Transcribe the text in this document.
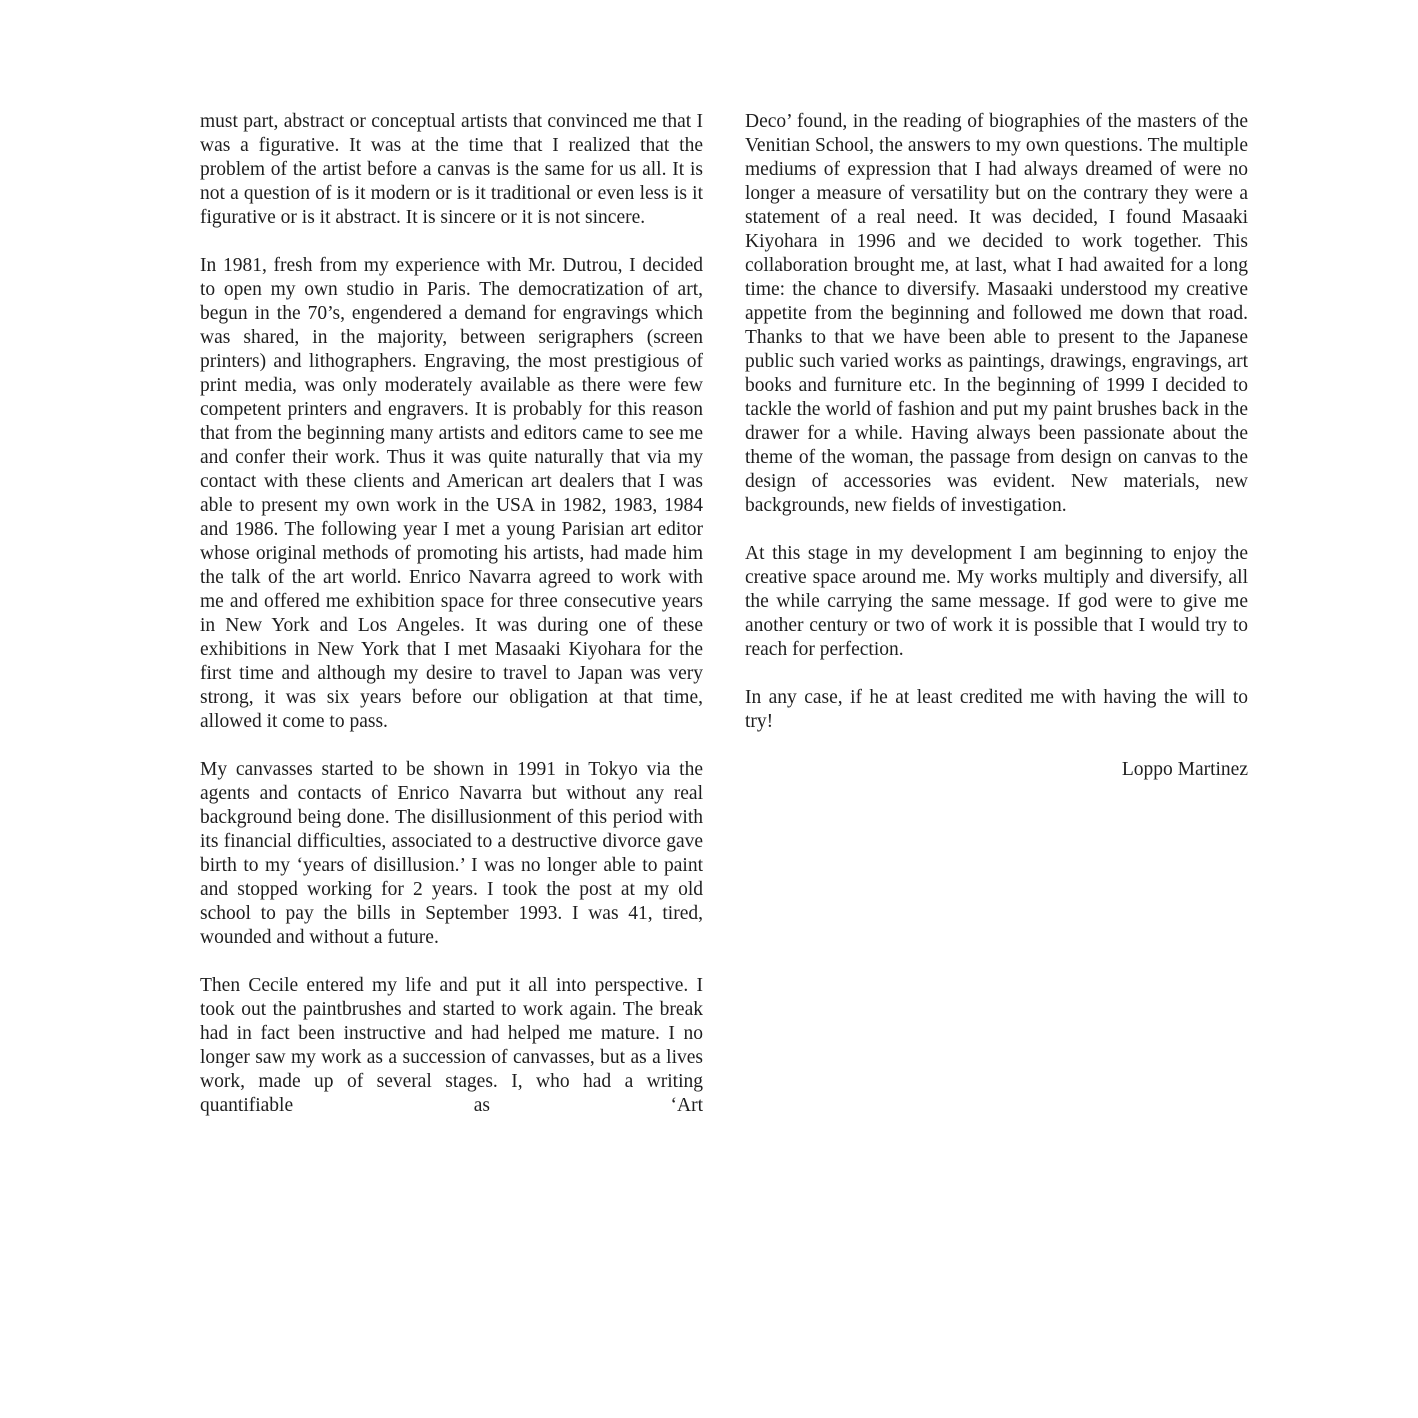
must part, abstract or conceptual artists that convinced me that I was a figurative. It was at the time that I realized that the problem of the artist before a canvas is the same for us all. It is not a question of is it modern or is it traditional or even less is it figurative or is it abstract. It is sincere or it is not sincere.

In 1981, fresh from my experience with Mr. Dutrou, I decided to open my own studio in Paris. The democratization of art, begun in the 70’s, engendered a demand for engravings which was shared, in the majority, between serigraphers (screen printers) and lithographers. Engraving, the most prestigious of print media, was only moderately available as there were few competent printers and engravers. It is probably for this reason that from the beginning many artists and editors came to see me and confer their work. Thus it was quite naturally that via my contact with these clients and American art dealers that I was able to present my own work in the USA in 1982, 1983, 1984 and 1986. The following year I met a young Parisian art editor whose original methods of promoting his artists, had made him the talk of the art world. Enrico Navarra agreed to work with me and offered me exhibition space for three consecutive years in New York and Los Angeles. It was during one of these exhibitions in New York that I met Masaaki Kiyohara for the first time and although my desire to travel to Japan was very strong, it was six years before our obligation at that time, allowed it come to pass.

My canvasses started to be shown in 1991 in Tokyo via the agents and contacts of Enrico Navarra but without any real background being done. The disillusionment of this period with its financial difficulties, associated to a destructive divorce gave birth to my ‘years of disillusion.’ I was no longer able to paint and stopped working for 2 years. I took the post at my old school to pay the bills in September 1993. I was 41, tired, wounded and without a future.

Then Cecile entered my life and put it all into perspective. I took out the paintbrushes and started to work again. The break had in fact been instructive and had helped me mature. I no longer saw my work as a succession of canvasses, but as a lives work, made up of several stages. I, who had a writing quantifiable as ‘Art

Deco’ found, in the reading of biographies of the masters of the Venitian School, the answers to my own questions. The multiple mediums of expression that I had always dreamed of were no longer a measure of versatility but on the contrary they were a statement of a real need. It was decided, I found Masaaki Kiyohara in 1996 and we decided to work together. This collaboration brought me, at last, what I had awaited for a long time: the chance to diversify. Masaaki understood my creative appetite from the beginning and followed me down that road. Thanks to that we have been able to present to the Japanese public such varied works as paintings, drawings, engravings, art books and furniture etc. In the beginning of 1999 I decided to tackle the world of fashion and put my paint brushes back in the drawer for a while. Having always been passionate about the theme of the woman, the passage from design on canvas to the design of accessories was evident. New materials, new backgrounds, new fields of investigation.

At this stage in my development I am beginning to enjoy the creative space around me. My works multiply and diversify, all the while carrying the same message. If god were to give me another century or two of work it is possible that I would try to reach for perfection.

In any case, if he at least credited me with having the will to try!

Loppo Martinez
